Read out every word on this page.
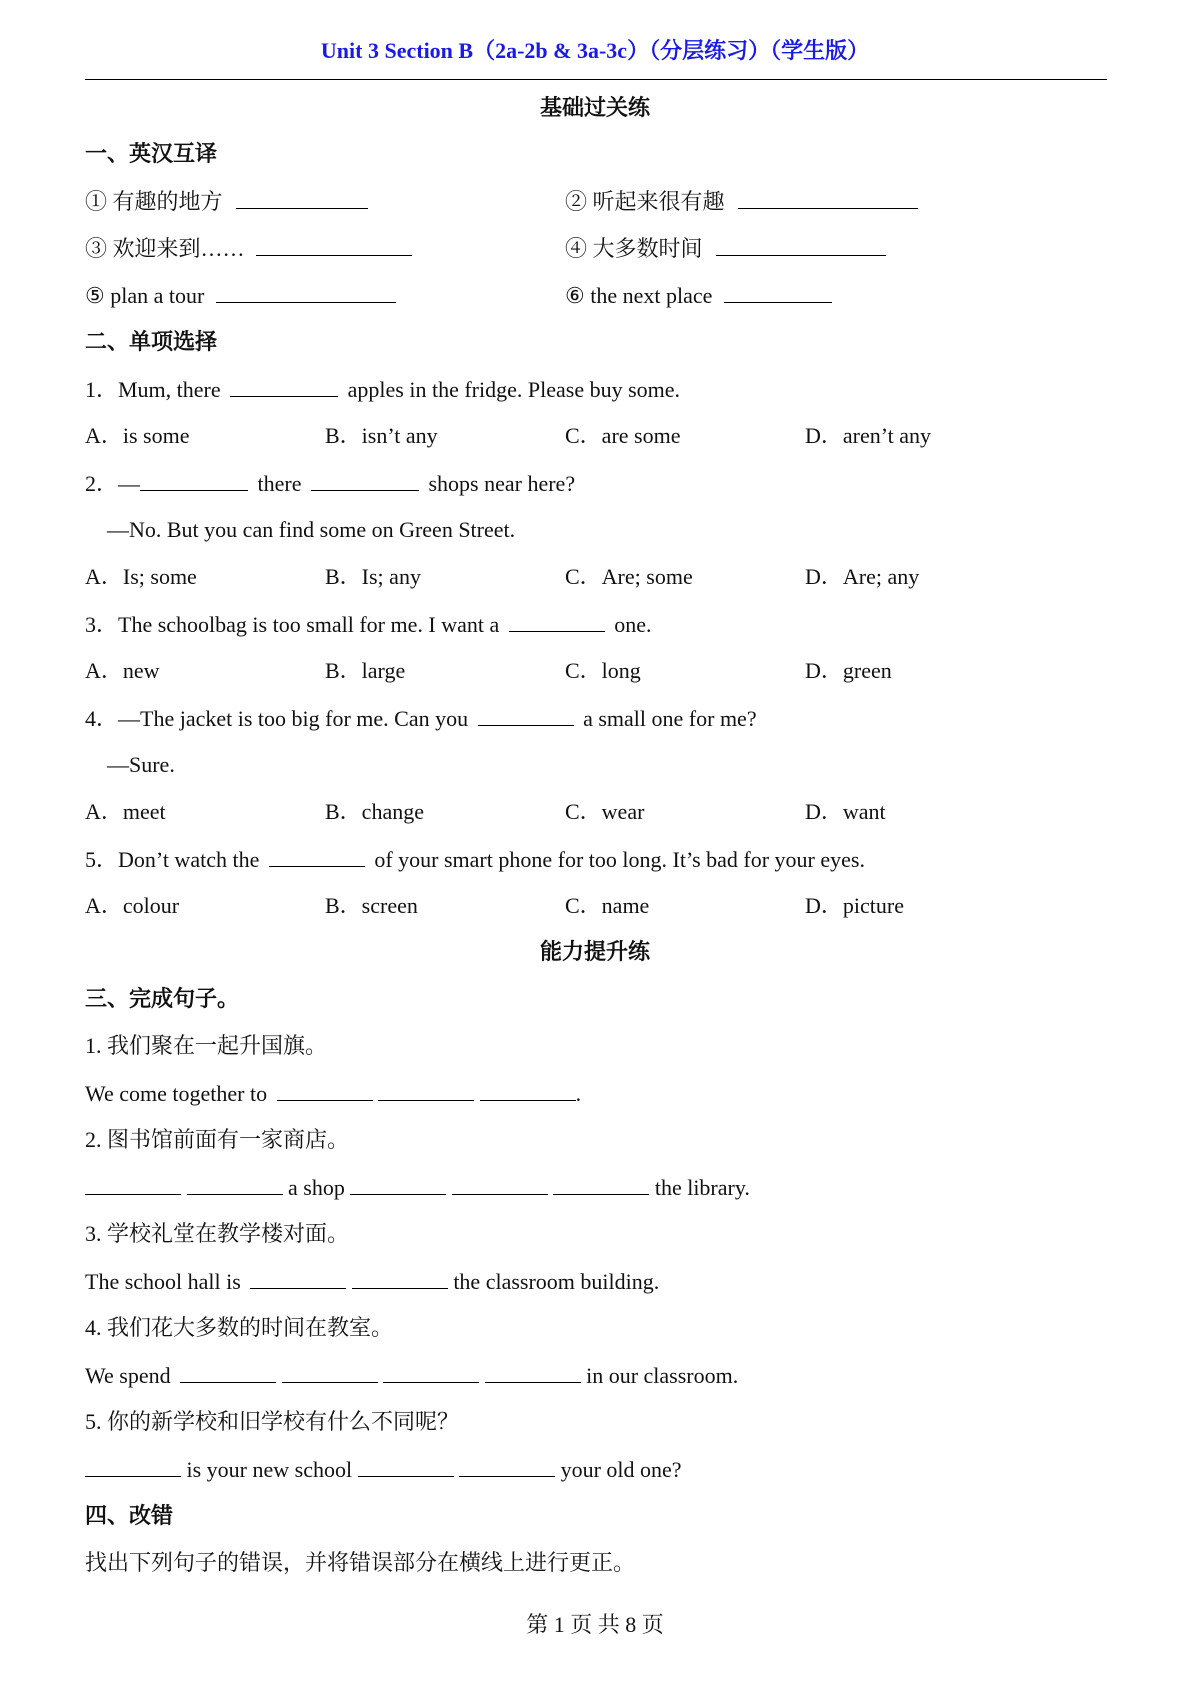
Unit 3 Section B（2a-2b & 3a-3c）（分层练习）（学生版）
基础过关练
一、英汉互译
① 有趣的地方	② 听起来很有趣
③ 欢迎来到……	④ 大多数时间
⑤ plan a tour	⑥ the next place
二、单项选择
1．Mum, there	apples in the fridge. Please buy some.
A．is some	B．isn’t any	C．are some	D．aren’t any
2．—	there	shops near here?
—No. But you can find some on Green Street.
A．Is; some	B．Is; any	C．Are; some	D．Are; any
3．The schoolbag is too small for me. I want a	one.
A．new	B．large	C．long	D．green
4．—The jacket is too big for me. Can you	a small one for me?
—Sure.
A．meet	B．change	C．wear	D．want
5．Don’t watch the	of your smart phone for too long. It’s bad for your eyes.
A．colour	B．screen	C．name	D．picture
能力提升练
三、完成句子。
1. 我们聚在一起升国旗。
We come together to	.
2. 图书馆前面有一家商店。
a shop	the library.
3. 学校礼堂在教学楼对面。
The school hall is	the classroom building.
4. 我们花大多数的时间在教室。
We spend	in our classroom.
5. 你的新学校和旧学校有什么不同呢？
is your new school	your old one?
四、改错
找出下列句子的错误，并将错误部分在横线上进行更正。
第 1 页 共 8 页
